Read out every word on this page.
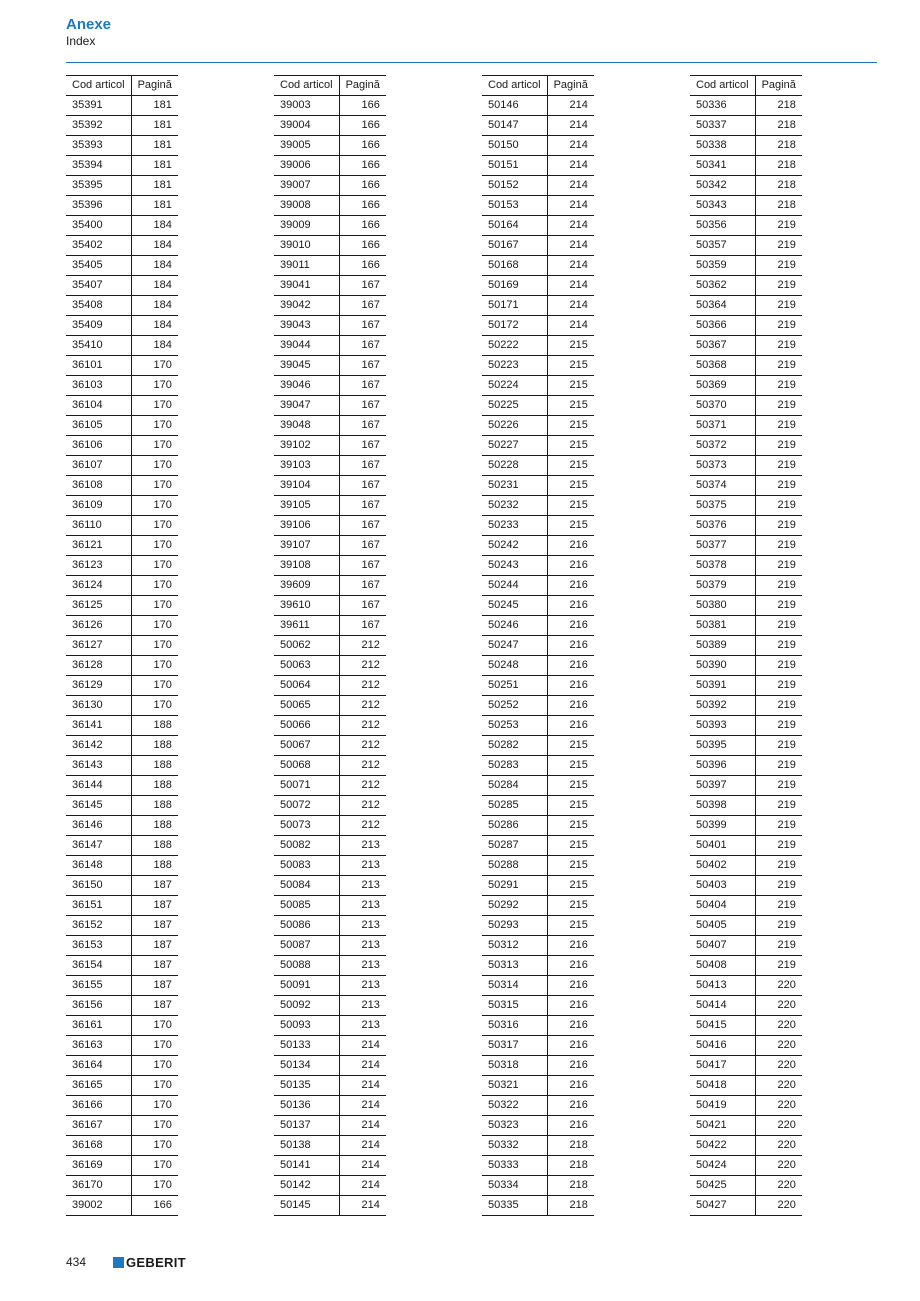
Anexe
Index
Cod articol	Pagină
35391	181
35392	181
35393	181
35394	181
35395	181
35396	181
35400	184
35402	184
35405	184
35407	184
35408	184
35409	184
35410	184
36101	170
36103	170
36104	170
36105	170
36106	170
36107	170
36108	170
36109	170
36110	170
36121	170
36123	170
36124	170
36125	170
36126	170
36127	170
36128	170
36129	170
36130	170
36141	188
36142	188
36143	188
36144	188
36145	188
36146	188
36147	188
36148	188
36150	187
36151	187
36152	187
36153	187
36154	187
36155	187
36156	187
36161	170
36163	170
36164	170
36165	170
36166	170
36167	170
36168	170
36169	170
36170	170
39002	166
Cod articol	Pagină
39003	166
39004	166
39005	166
39006	166
39007	166
39008	166
39009	166
39010	166
39011	166
39041	167
39042	167
39043	167
39044	167
39045	167
39046	167
39047	167
39048	167
39102	167
39103	167
39104	167
39105	167
39106	167
39107	167
39108	167
39609	167
39610	167
39611	167
50062	212
50063	212
50064	212
50065	212
50066	212
50067	212
50068	212
50071	212
50072	212
50073	212
50082	213
50083	213
50084	213
50085	213
50086	213
50087	213
50088	213
50091	213
50092	213
50093	213
50133	214
50134	214
50135	214
50136	214
50137	214
50138	214
50141	214
50142	214
50145	214
Cod articol	Pagină
50146	214
50147	214
50150	214
50151	214
50152	214
50153	214
50164	214
50167	214
50168	214
50169	214
50171	214
50172	214
50222	215
50223	215
50224	215
50225	215
50226	215
50227	215
50228	215
50231	215
50232	215
50233	215
50242	216
50243	216
50244	216
50245	216
50246	216
50247	216
50248	216
50251	216
50252	216
50253	216
50282	215
50283	215
50284	215
50285	215
50286	215
50287	215
50288	215
50291	215
50292	215
50293	215
50312	216
50313	216
50314	216
50315	216
50316	216
50317	216
50318	216
50321	216
50322	216
50323	216
50332	218
50333	218
50334	218
50335	218
Cod articol	Pagină
50336	218
50337	218
50338	218
50341	218
50342	218
50343	218
50356	219
50357	219
50359	219
50362	219
50364	219
50366	219
50367	219
50368	219
50369	219
50370	219
50371	219
50372	219
50373	219
50374	219
50375	219
50376	219
50377	219
50378	219
50379	219
50380	219
50381	219
50389	219
50390	219
50391	219
50392	219
50393	219
50395	219
50396	219
50397	219
50398	219
50399	219
50401	219
50402	219
50403	219
50404	219
50405	219
50407	219
50408	219
50413	220
50414	220
50415	220
50416	220
50417	220
50418	220
50419	220
50421	220
50422	220
50424	220
50425	220
50427	220
434	GEBERIT
